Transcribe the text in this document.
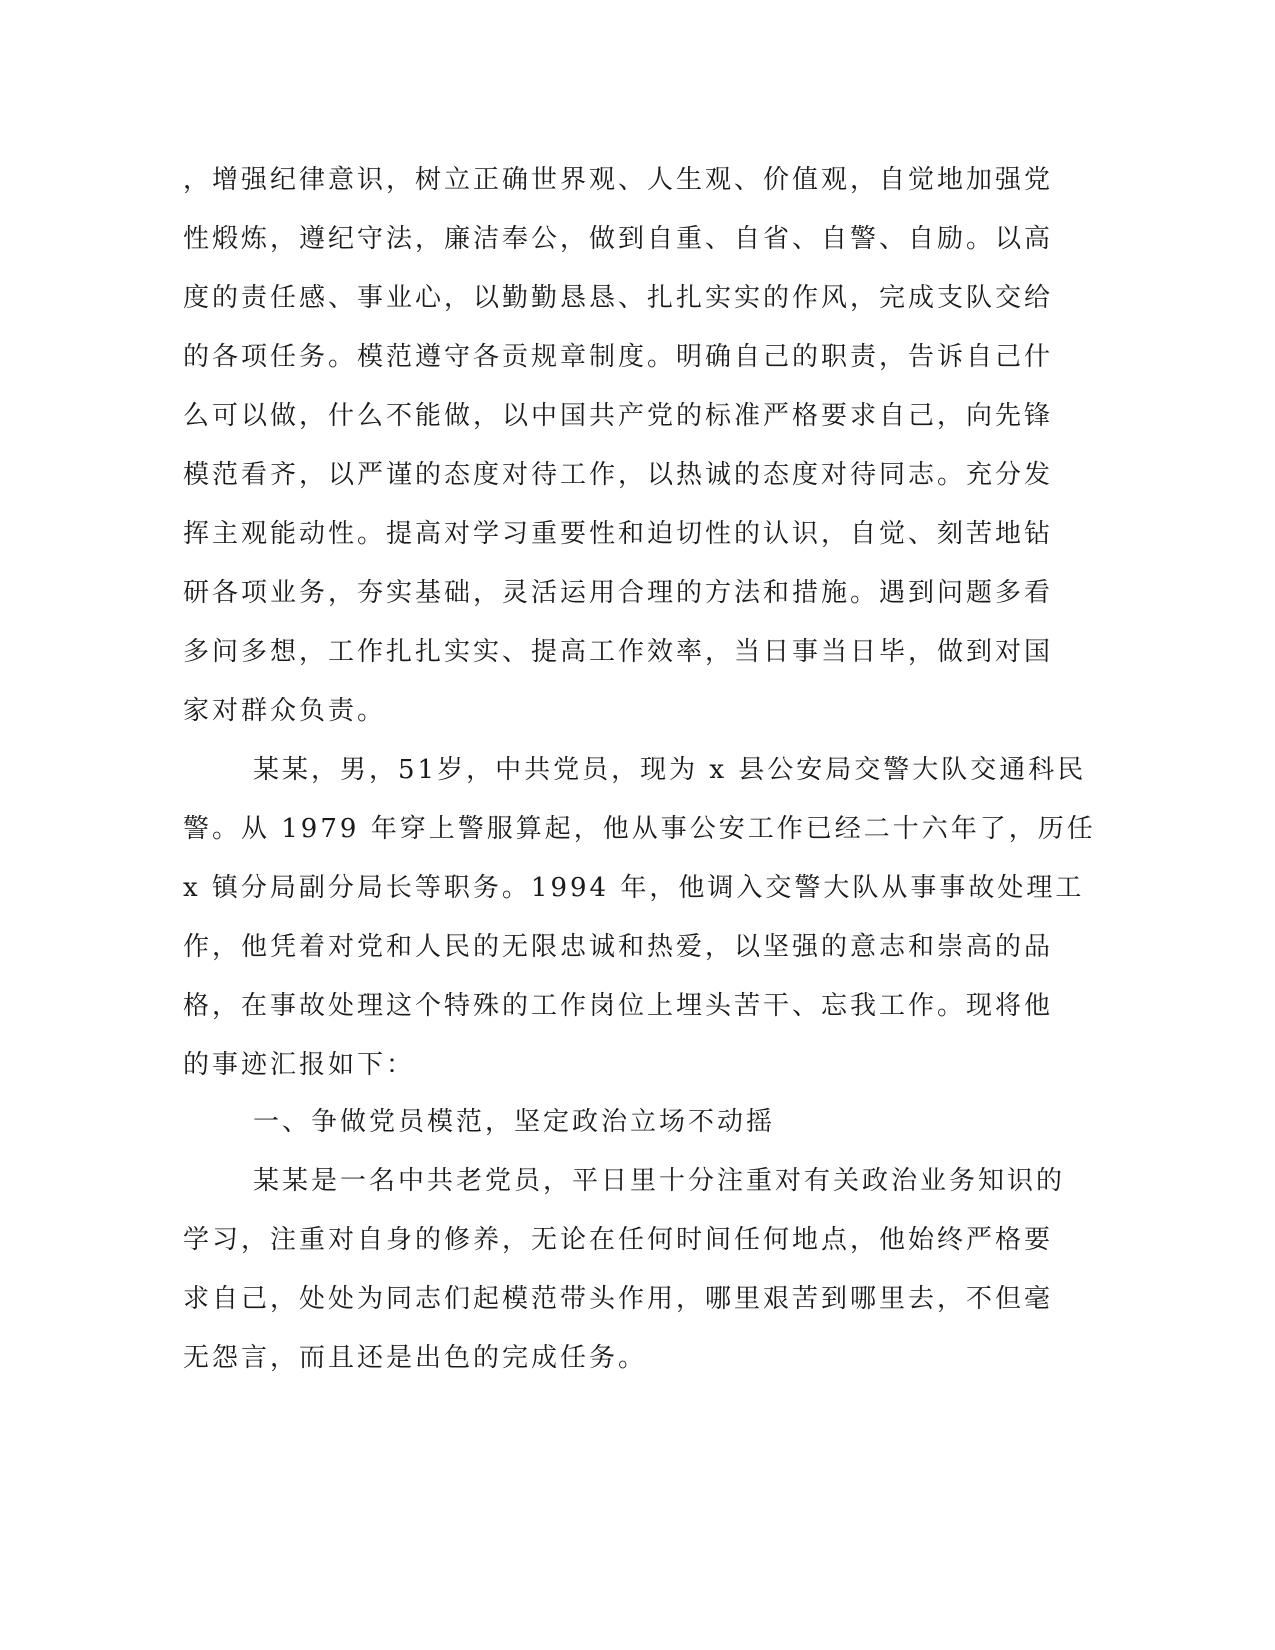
，增强纪律意识，树立正确世界观、人生观、价值观，自觉地加强党

性煅炼，遵纪守法，廉洁奉公，做到自重、自省、自警、自励。以高

度的责任感、事业心，以勤勤恳恳、扎扎实实的作风，完成支队交给

的各项任务。模范遵守各贡规章制度。明确自己的职责，告诉自己什

么可以做，什么不能做，以中国共产党的标准严格要求自己，向先锋

模范看齐，以严谨的态度对待工作，以热诚的态度对待同志。充分发

挥主观能动性。提高对学习重要性和迫切性的认识，自觉、刻苦地钻

研各项业务，夯实基础，灵活运用合理的方法和措施。遇到问题多看

多问多想，工作扎扎实实、提高工作效率，当日事当日毕，做到对国

家对群众负责。

某某，男，51岁，中共党员，现为 x 县公安局交警大队交通科民

警。从 1979 年穿上警服算起，他从事公安工作已经二十六年了，历任

x 镇分局副分局长等职务。1994 年，他调入交警大队从事事故处理工

作，他凭着对党和人民的无限忠诚和热爱，以坚强的意志和崇高的品

格，在事故处理这个特殊的工作岗位上埋头苦干、忘我工作。现将他

的事迹汇报如下：

一、争做党员模范，坚定政治立场不动摇

某某是一名中共老党员，平日里十分注重对有关政治业务知识的

学习，注重对自身的修养，无论在任何时间任何地点，他始终严格要

求自己，处处为同志们起模范带头作用，哪里艰苦到哪里去，不但毫

无怨言，而且还是出色的完成任务。
